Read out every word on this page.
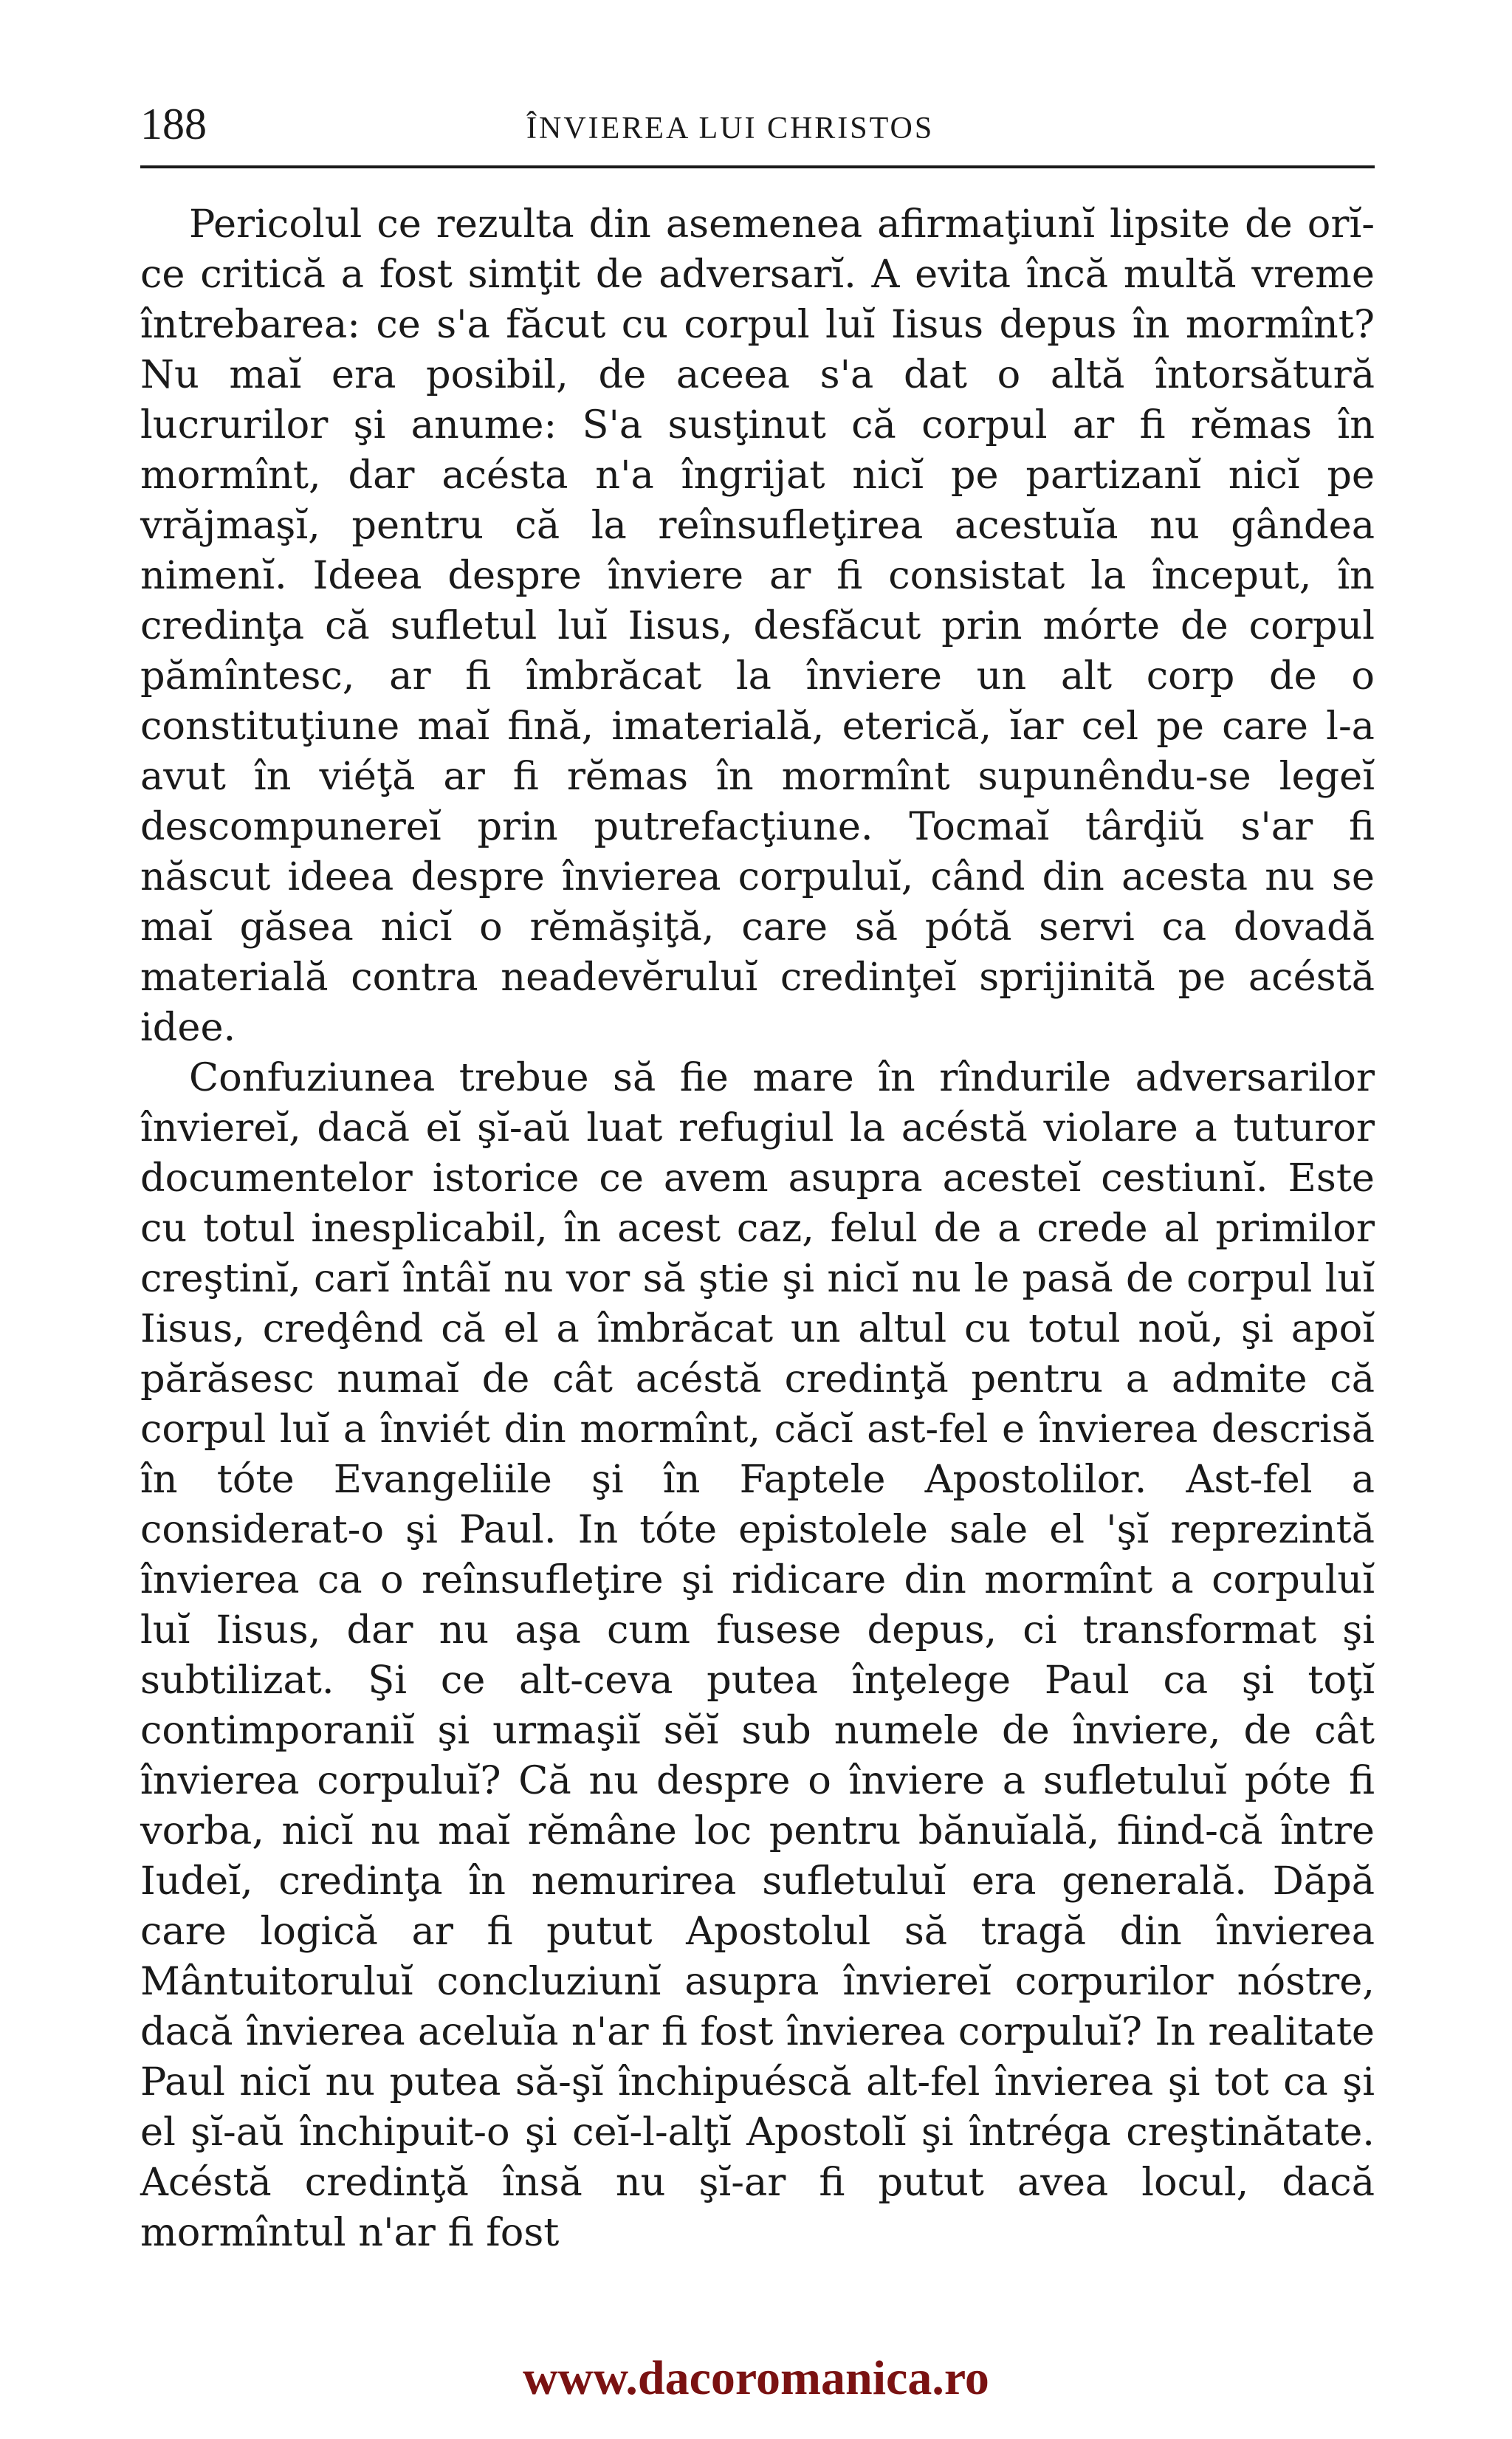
188	ÎNVIEREA LUI CHRISTOS

Pericolul ce rezulta din asemenea afirmaţiunĭ lipsite de orĭ-ce critică a fost simţit de adversarĭ. A evita încă multă vreme întrebarea: ce s'a făcut cu corpul luĭ Iisus depus în mormînt? Nu maĭ era posibil, de aceea s'a dat o altă întorsătură lucrurilor şi anume: S'a susţinut că corpul ar fi rĕmas în mormînt, dar acésta n'a îngrijat nicĭ pe partizanĭ nicĭ pe vrăjmaşĭ, pentru că la reînsufleţirea acestuĭa nu gândea nimenĭ. Ideea despre înviere ar fi consistat la început, în credinţa că sufletul luĭ Iisus, desfăcut prin mórte de corpul pămîntesc, ar fi îmbrăcat la înviere un alt corp de o constituţiune maĭ fină, imaterială, eterică, ĭar cel pe care l-a avut în viéţă ar fi rĕmas în mormînt supunêndu-se legeĭ descompunereĭ prin putrefacţiune. Tocmaĭ târḑiŭ s'ar fi născut ideea despre învierea corpuluĭ, când din acesta nu se maĭ găsea nicĭ o rĕmăşiţă, care să pótă servi ca dovadă materială contra neadevĕruluĭ credinţeĭ sprijinită pe acéstă idee.

Confuziunea trebue să fie mare în rîndurile adversarilor înviereĭ, dacă eĭ şĭ-aŭ luat refugiul la acéstă violare a tuturor documentelor istorice ce avem asupra acesteĭ cestiunĭ. Este cu totul inesplicabil, în acest caz, felul de a crede al primilor creştinĭ, carĭ întâĭ nu vor să ştie şi nicĭ nu le pasă de corpul luĭ Iisus, creḑênd că el a îmbrăcat un altul cu totul noŭ, şi apoĭ părăsesc numaĭ de cât acéstă credinţă pentru a admite că corpul luĭ a înviét din mormînt, căcĭ ast-fel e învierea descrisă în tóte Evangeliile şi în Faptele Apostolilor. Ast-fel a considerat-o şi Paul. In tóte epistolele sale el 'şĭ reprezintă învierea ca o reînsufleţire şi ridicare din mormînt a corpuluĭ luĭ Iisus, dar nu aşa cum fusese depus, ci transformat şi subtilizat. Şi ce alt-ceva putea înţelege Paul ca şi toţĭ contimporaniĭ şi urmaşiĭ sĕĭ sub numele de înviere, de cât învierea corpuluĭ? Că nu despre o înviere a sufletuluĭ póte fi vorba, nicĭ nu maĭ rĕmâne loc pentru bănuĭală, fiind-că între Iudeĭ, credinţa în nemurirea sufletuluĭ era generală. Dăpă care logică ar fi putut Apostolul să tragă din învierea Mântuitoruluĭ concluziunĭ asupra înviereĭ corpurilor nóstre, dacă învierea aceluĭa n'ar fi fost învierea corpuluĭ? In realitate Paul nicĭ nu putea să-şĭ închipuéscă alt-fel învierea şi tot ca şi el şĭ-aŭ închipuit-o şi ceĭ-l-alţĭ Apostolĭ şi întréga creştinătate. Acéstă credinţă însă nu şĭ-ar fi putut avea locul, dacă mormîntul n'ar fi fost

www.dacoromanica.ro
